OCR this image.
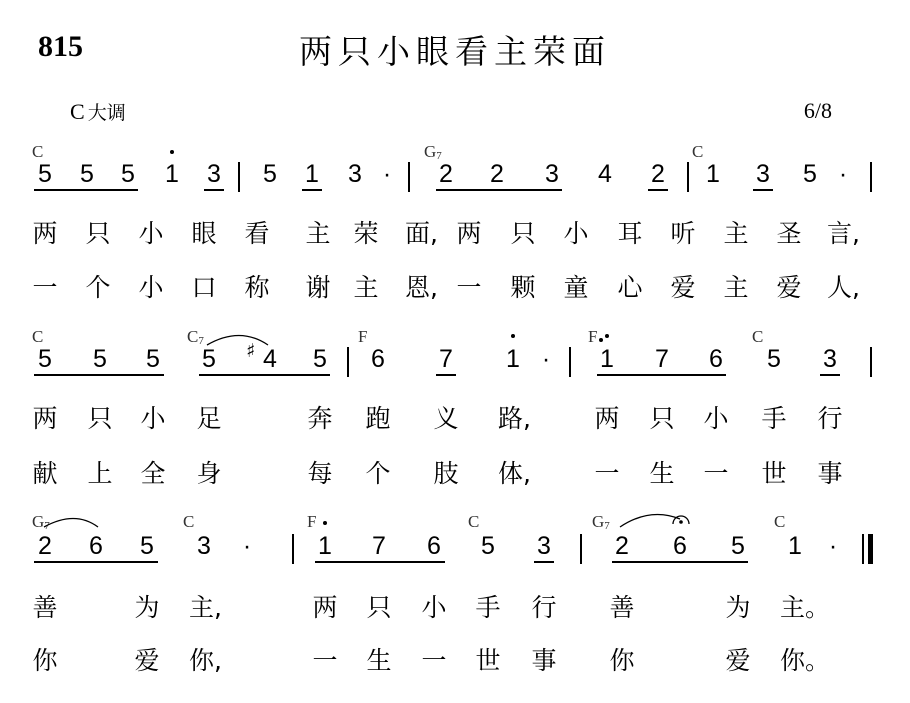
815	两只小眼看主荣面
C 大调	6/8
C	$G_7$	C
5 5 5 1 3 5 1 3 ·	2 2 3 4 2 1 3 5 ·
两 只 小 眼 看 主 荣 面, 两 只 小 耳 听 主 圣 言,
一 个 小 口 称 谢 主 恩, 一 颗 童 心 爱 主 爱 人,
C	$C_7$	F	F	C
5 5 5 5 4 5 6 7 1 ·	1 7 6 5 3
♯
两 只 小 足	奔 跑 义 路,	两 只 小 手 行
献 上 全 身	每 个 肢 体,	一 生 一 世 事
$G_7$	C	F	C	$G_7$	C
2 6 5 3	·	1 7 6 5 3	2 6 5 1	·
善	为 主,	两 只 小 手 行 善	为 主。
你	爱 你,	一 生 一 世 事 你	爱 你。
